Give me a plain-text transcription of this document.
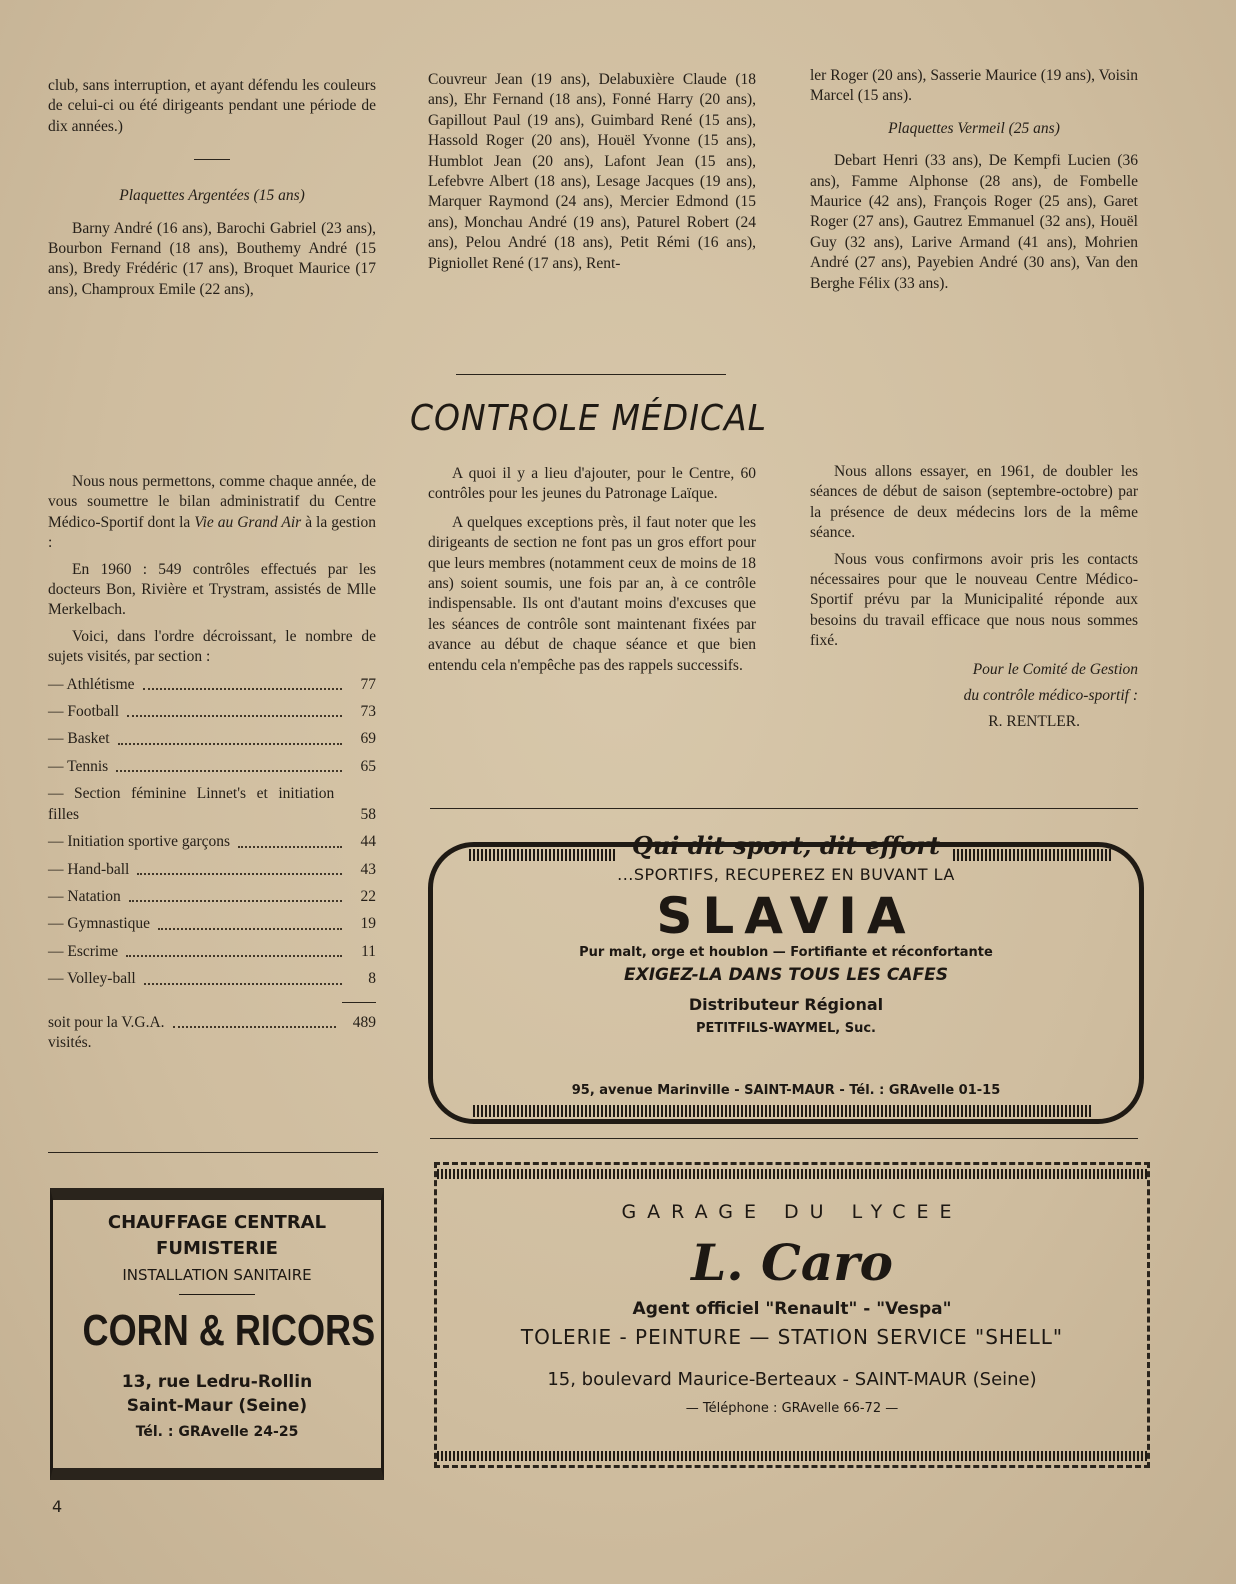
club, sans interruption, et ayant défendu les couleurs de celui-ci ou été dirigeants pendant une période de dix années.)

Plaquettes Argentées (15 ans)

Barny André (16 ans), Barochi Gabriel (23 ans), Bourbon Fernand (18 ans), Bouthemy André (15 ans), Bredy Frédéric (17 ans), Broquet Maurice (17 ans), Champroux Emile (22 ans),

Couvreur Jean (19 ans), Delabuxière Claude (18 ans), Ehr Fernand (18 ans), Fonné Harry (20 ans), Gapillout Paul (19 ans), Guimbard René (15 ans), Hassold Roger (20 ans), Houël Yvonne (15 ans), Humblot Jean (20 ans), Lafont Jean (15 ans), Lefebvre Albert (18 ans), Lesage Jacques (19 ans), Marquer Raymond (24 ans), Mercier Edmond (15 ans), Monchau André (19 ans), Paturel Robert (24 ans), Pelou André (18 ans), Petit Rémi (16 ans), Pigniollet René (17 ans), Rent-

ler Roger (20 ans), Sasserie Maurice (19 ans), Voisin Marcel (15 ans).

Plaquettes Vermeil (25 ans)

Debart Henri (33 ans), De Kempfi Lucien (36 ans), Famme Alphonse (28 ans), de Fombelle Maurice (42 ans), François Roger (25 ans), Garet Roger (27 ans), Gautrez Emmanuel (32 ans), Houël Guy (32 ans), Larive Armand (41 ans), Mohrien André (27 ans), Payebien André (30 ans), Van den Berghe Félix (33 ans).

CONTROLE MÉDICAL

Nous nous permettons, comme chaque année, de vous soumettre le bilan administratif du Centre Médico-Sportif dont la Vie au Grand Air à la gestion :

En 1960 : 549 contrôles effectués par les docteurs Bon, Rivière et Trystram, assistés de Mlle Merkelbach.

Voici, dans l'ordre décroissant, le nombre de sujets visités, par section :

— Athlétisme	77
— Football	73
— Basket	69
— Tennis	65
— Section féminine Linnet's et initiation filles	58
— Initiation sportive garçons	44
— Hand-ball	43
— Natation	22
— Gymnastique	19
— Escrime	11
— Volley-ball	8
soit pour la V.G.A.	489

visités.

A quoi il y a lieu d'ajouter, pour le Centre, 60 contrôles pour les jeunes du Patronage Laïque.

A quelques exceptions près, il faut noter que les dirigeants de section ne font pas un gros effort pour que leurs membres (notamment ceux de moins de 18 ans) soient soumis, une fois par an, à ce contrôle indispensable. Ils ont d'autant moins d'excuses que les séances de contrôle sont maintenant fixées par avance au début de chaque séance et que bien entendu cela n'empêche pas des rappels successifs.

Nous allons essayer, en 1961, de doubler les séances de début de saison (septembre-octobre) par la présence de deux médecins lors de la même séance.

Nous vous confirmons avoir pris les contacts nécessaires pour que le nouveau Centre Médico-Sportif prévu par la Municipalité réponde aux besoins du travail efficace que nous nous sommes fixé.

Pour le Comité de Gestion

du contrôle médico-sportif :

R. RENTLER.

Qui dit sport, dit effort
...SPORTIFS, RECUPEREZ EN BUVANT LA
SLAVIA
Pur malt, orge et houblon — Fortifiante et réconfortante
EXIGEZ-LA DANS TOUS LES CAFES
Distributeur Régional
PETITFILS-WAYMEL, Suc.
95, avenue Marinville - SAINT-MAUR - Tél. : GRAvelle 01-15
CHAUFFAGE CENTRAL
FUMISTERIE
INSTALLATION SANITAIRE
CORN & RICORS
13, rue Ledru-Rollin
Saint-Maur (Seine)
Tél. : GRAvelle 24-25
GARAGE DU LYCEE
L. Caro
Agent officiel "Renault" - "Vespa"
TOLERIE - PEINTURE — STATION SERVICE "SHELL"
15, boulevard Maurice-Berteaux - SAINT-MAUR (Seine)
— Téléphone : GRAvelle 66-72 —
4
